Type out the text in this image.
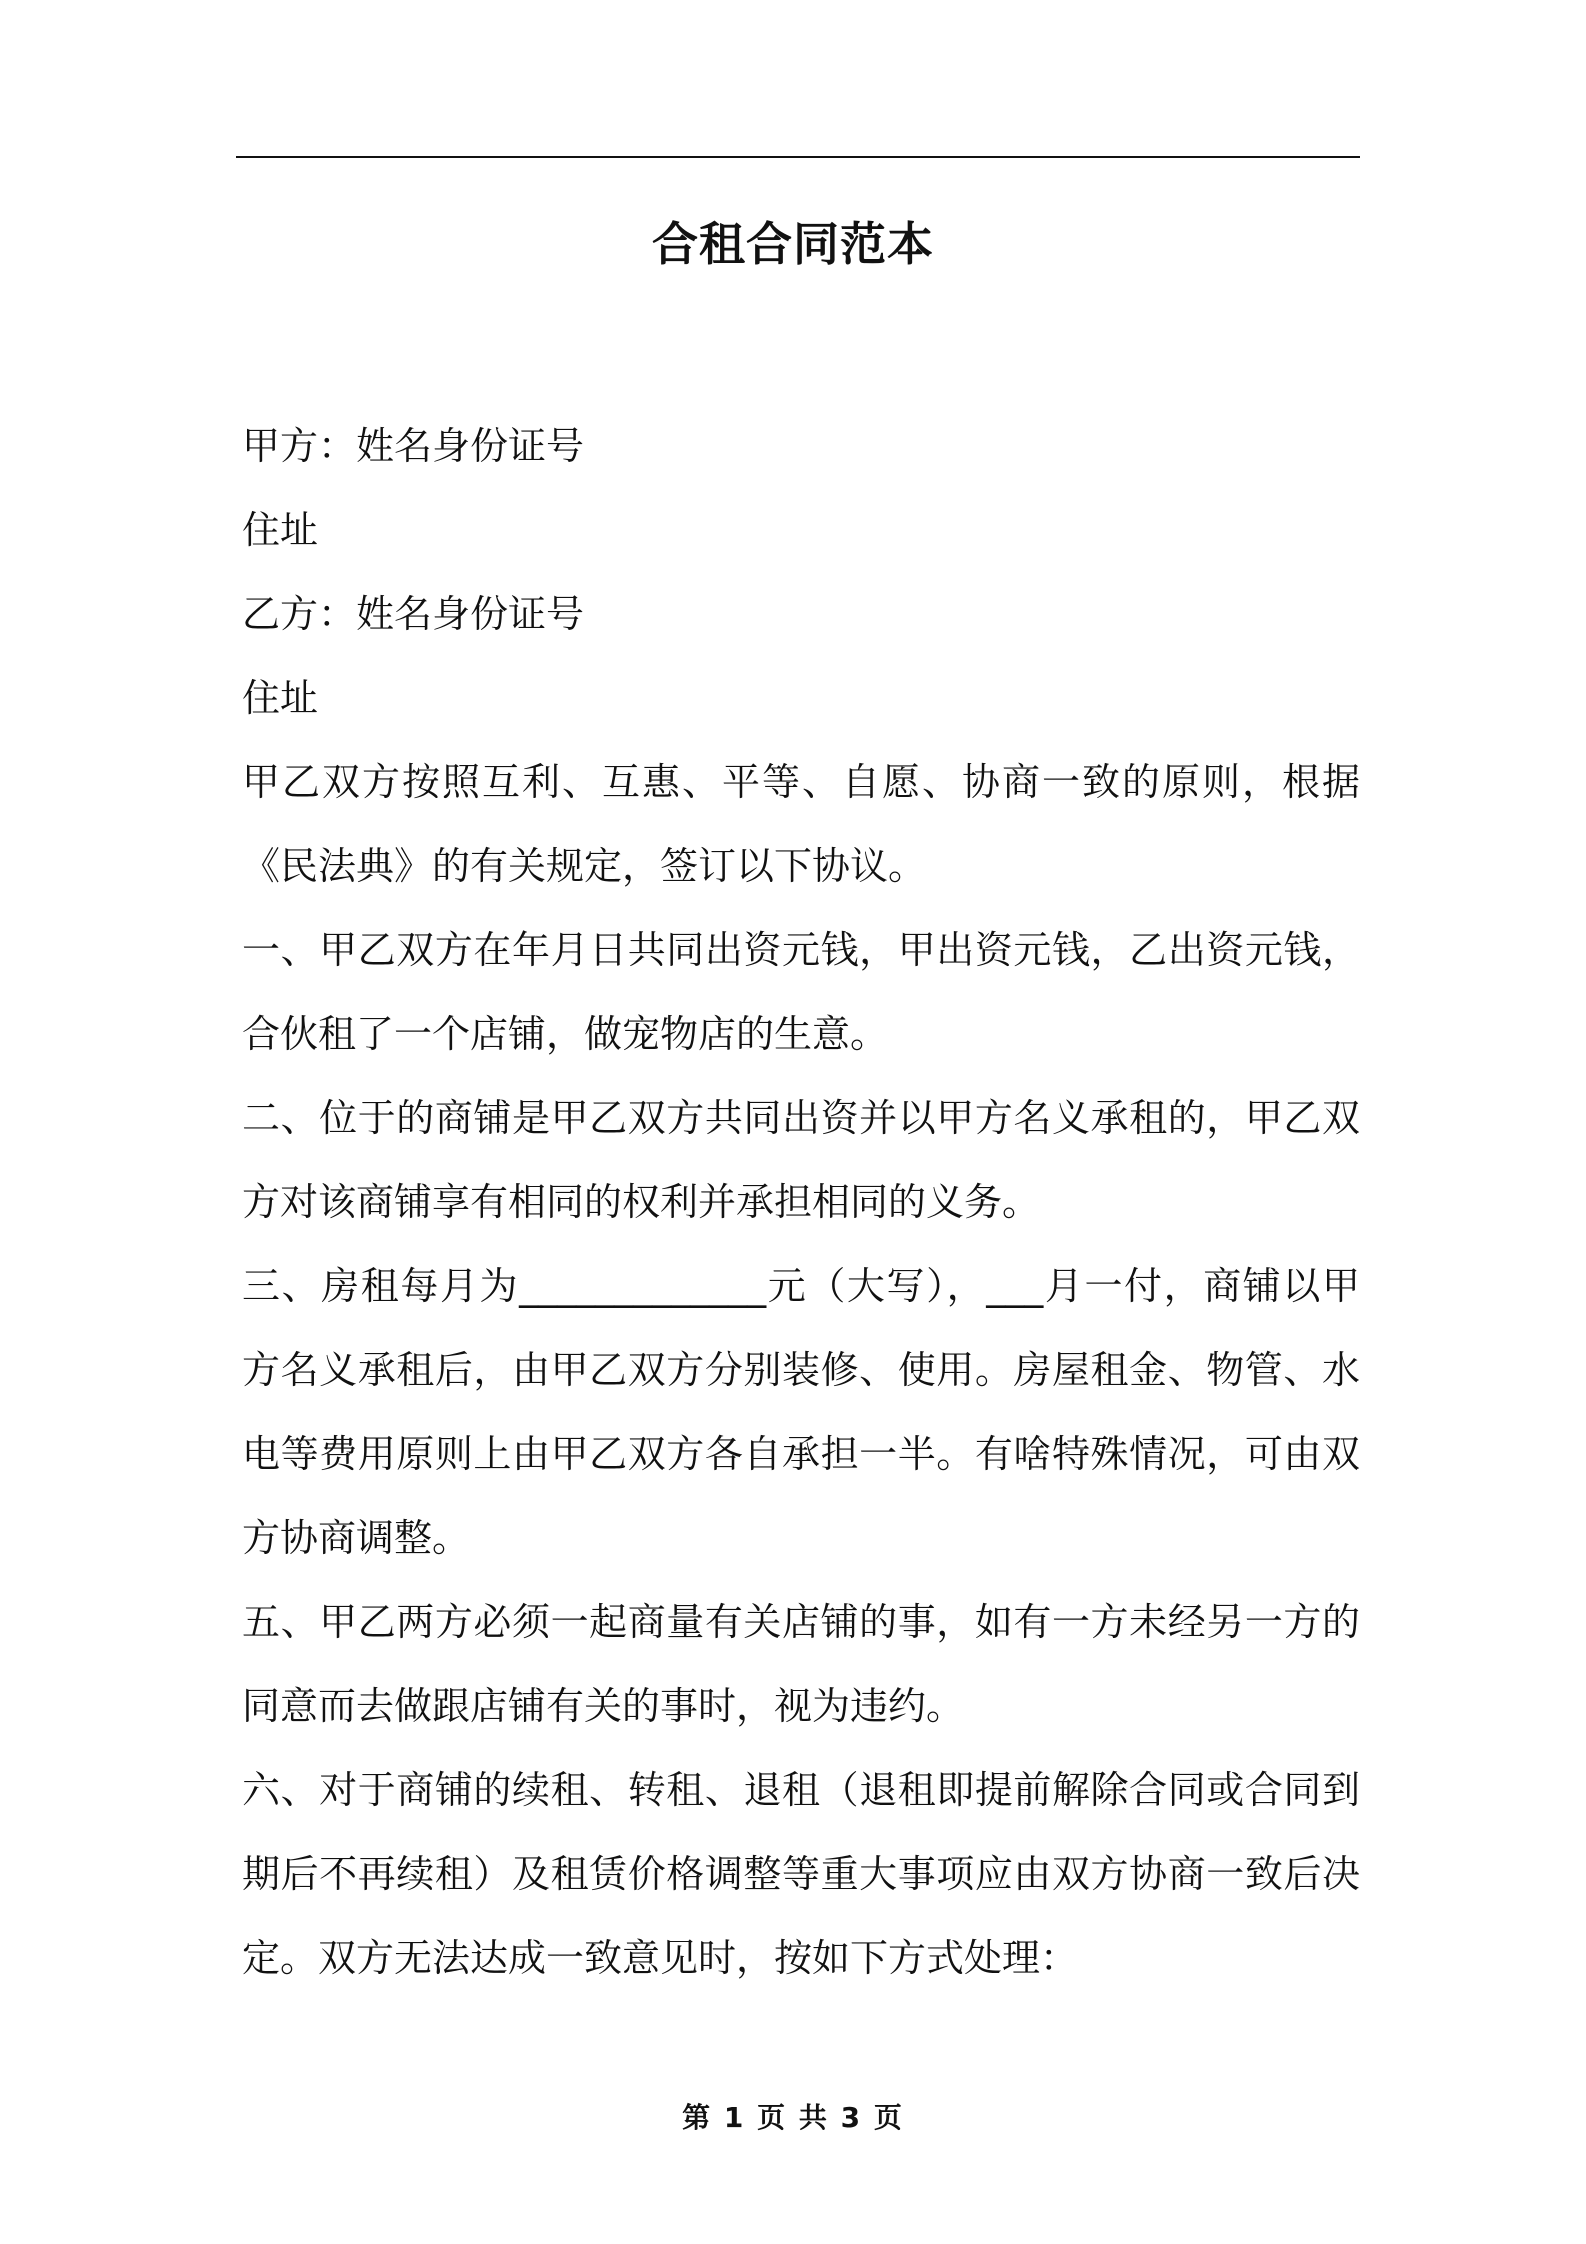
合租合同范本

甲方：姓名身份证号

住址

乙方：姓名身份证号

住址

甲乙双方按照互利、互惠、平等、自愿、协商一致的原则，根据《民法典》的有关规定，签订以下协议。

一、甲乙双方在年月日共同出资元钱，甲出资元钱，乙出资元钱，合伙租了一个店铺，做宠物店的生意。

二、位于的商铺是甲乙双方共同出资并以甲方名义承租的，甲乙双方对该商铺享有相同的权利并承担相同的义务。

三、房租每月为_____________元（大写），___月一付，商铺以甲方名义承租后，由甲乙双方分别装修、使用。房屋租金、物管、水电等费用原则上由甲乙双方各自承担一半。有啥特殊情况，可由双方协商调整。

五、甲乙两方必须一起商量有关店铺的事，如有一方未经另一方的同意而去做跟店铺有关的事时，视为违约。

六、对于商铺的续租、转租、退租（退租即提前解除合同或合同到期后不再续租）及租赁价格调整等重大事项应由双方协商一致后决定。双方无法达成一致意见时，按如下方式处理：

第 1 页 共 3 页
